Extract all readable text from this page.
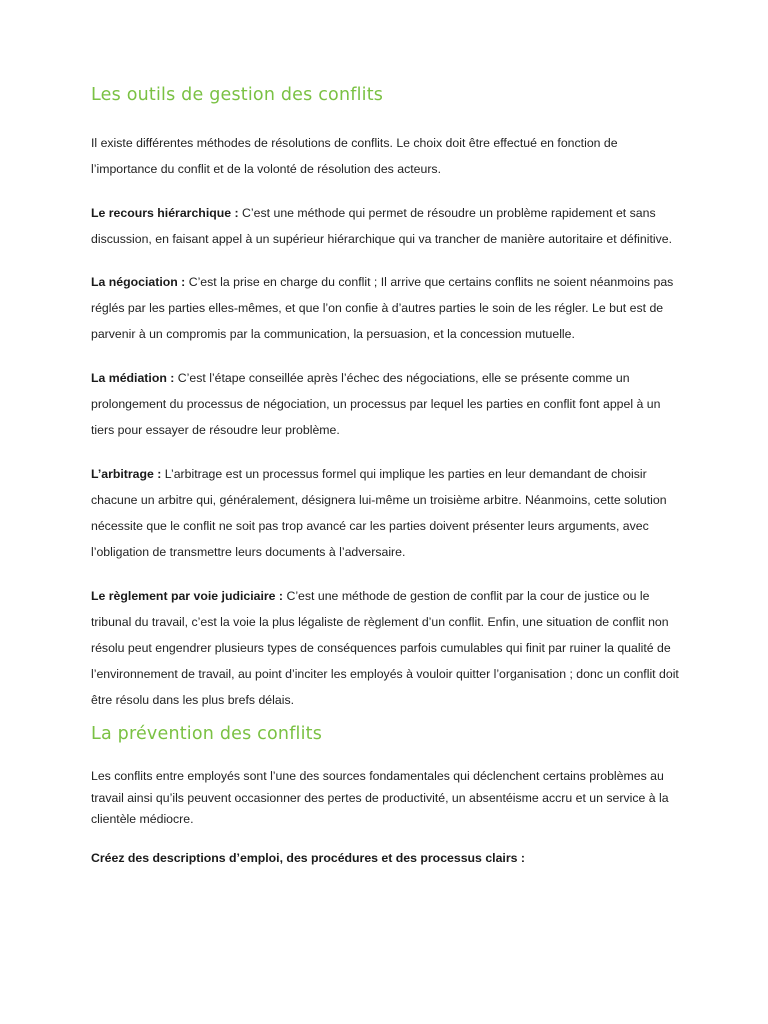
Les outils de gestion des conflits

Il existe différentes méthodes de résolutions de conflits. Le choix doit être effectué en fonction de l’importance du conflit et de la volonté de résolution des acteurs.

Le recours hiérarchique : C’est une méthode qui permet de résoudre un problème rapidement et sans discussion, en faisant appel à un supérieur hiérarchique qui va trancher de manière autoritaire et définitive.

La négociation : C’est la prise en charge du conflit ; Il arrive que certains conflits ne soient néanmoins pas réglés par les parties elles-mêmes, et que l’on confie à d’autres parties le soin de les régler. Le but est de parvenir à un compromis par la communication, la persuasion, et la concession mutuelle.

La médiation : C’est l’étape conseillée après l’échec des négociations, elle se présente comme un prolongement du processus de négociation, un processus par lequel les parties en conflit font appel à un tiers pour essayer de résoudre leur problème.

L’arbitrage : L’arbitrage est un processus formel qui implique les parties en leur demandant de choisir chacune un arbitre qui, généralement, désignera lui-même un troisième arbitre. Néanmoins, cette solution nécessite que le conflit ne soit pas trop avancé car les parties doivent présenter leurs arguments, avec l’obligation de transmettre leurs documents à l’adversaire.

Le règlement par voie judiciaire : C’est une méthode de gestion de conflit par la cour de justice ou le tribunal du travail, c’est la voie la plus légaliste de règlement d’un conflit. Enfin, une situation de conflit non résolu peut engendrer plusieurs types de conséquences parfois cumulables qui finit par ruiner la qualité de l’environnement de travail, au point d’inciter les employés à vouloir quitter l’organisation ; donc un conflit doit être résolu dans les plus brefs délais.

La prévention des conflits

Les conflits entre employés sont l’une des sources fondamentales qui déclenchent certains problèmes au travail ainsi qu’ils peuvent occasionner des pertes de productivité, un absentéisme accru et un service à la clientèle médiocre.

Créez des descriptions d’emploi, des procédures et des processus clairs :
